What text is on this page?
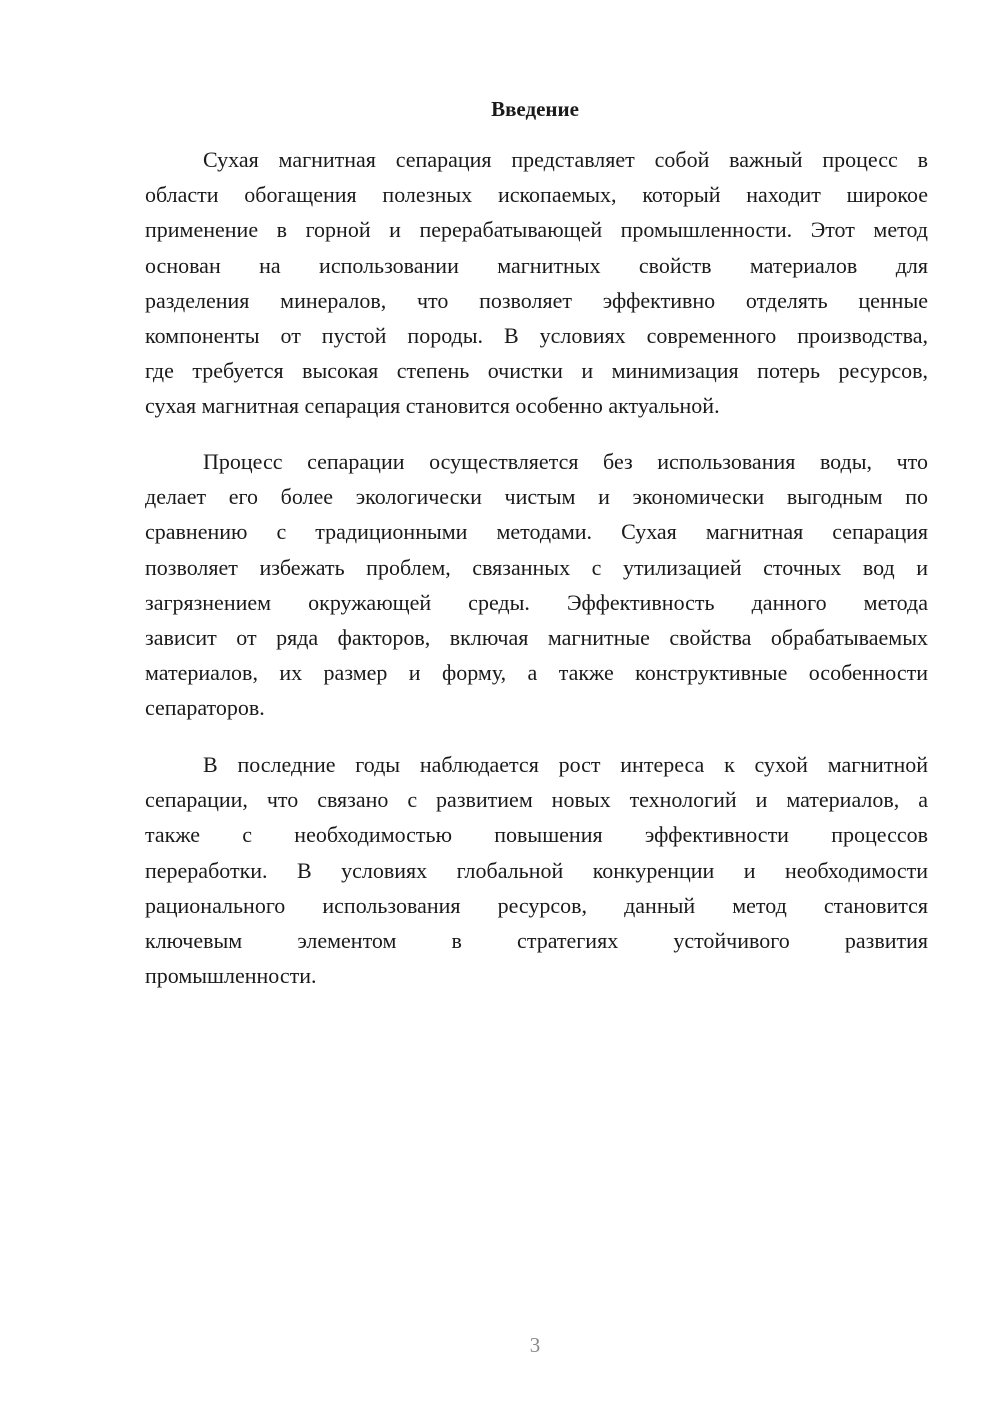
Введение
Сухая магнитная сепарация представляет собой важный процесс в
области обогащения полезных ископаемых, который находит широкое
применение в горной и перерабатывающей промышленности. Этот метод
основан на использовании магнитных свойств материалов для
разделения минералов, что позволяет эффективно отделять ценные
компоненты от пустой породы. В условиях современного производства,
где требуется высокая степень очистки и минимизация потерь ресурсов,
сухая магнитная сепарация становится особенно актуальной.
Процесс сепарации осуществляется без использования воды, что
делает его более экологически чистым и экономически выгодным по
сравнению с традиционными методами. Сухая магнитная сепарация
позволяет избежать проблем, связанных с утилизацией сточных вод и
загрязнением окружающей среды. Эффективность данного метода
зависит от ряда факторов, включая магнитные свойства обрабатываемых
материалов, их размер и форму, а также конструктивные особенности
сепараторов.
В последние годы наблюдается рост интереса к сухой магнитной
сепарации, что связано с развитием новых технологий и материалов, а
также с необходимостью повышения эффективности процессов
переработки. В условиях глобальной конкуренции и необходимости
рационального использования ресурсов, данный метод становится
ключевым элементом в стратегиях устойчивого развития
промышленности.
3
